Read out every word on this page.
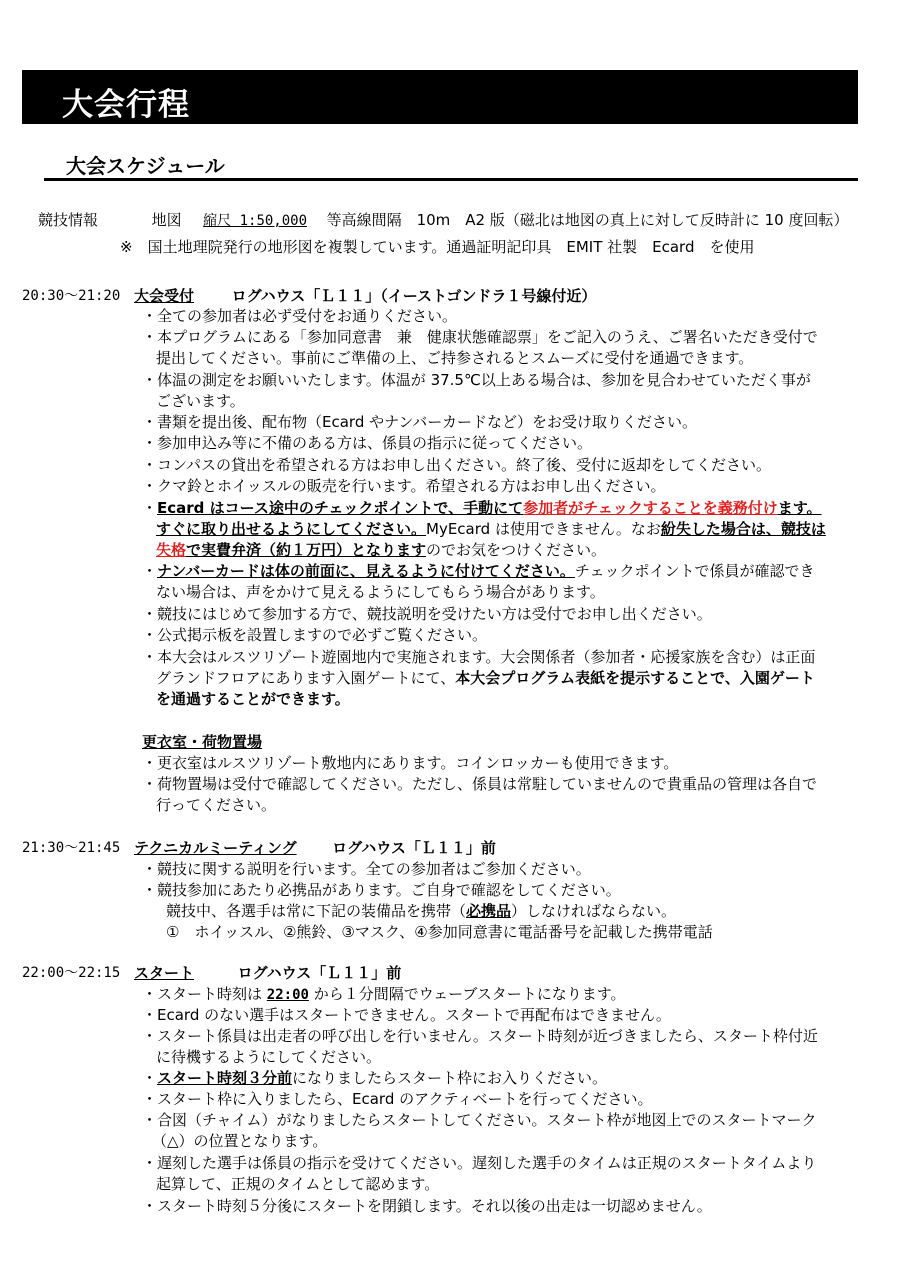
大会行程
大会スケジュール
競技情報	地図 縮尺 1:50,000 等高線間隔　10m　A2 版（磁北は地図の真上に対して反時計に 10 度回転）
※　国土地理院発行の地形図を複製しています。通過証明記印具　EMIT 社製　Ecard　を使用
20:30～21:20 大会受付	ログハウス「Ｌ１１」（イーストゴンドラ１号線付近）
・全ての参加者は必ず受付をお通りください。
・本プログラムにある「参加同意書　兼　健康状態確認票」をご記入のうえ、ご署名いただき受付で
提出してください。事前にご準備の上、ご持参されるとスムーズに受付を通過できます。
・体温の測定をお願いいたします。体温が 37.5℃以上ある場合は、参加を見合わせていただく事が
ございます。
・書類を提出後、配布物（Ecard やナンバーカードなど）をお受け取りください。
・参加申込み等に不備のある方は、係員の指示に従ってください。
・コンパスの貸出を希望される方はお申し出ください。終了後、受付に返却をしてください。
・クマ鈴とホイッスルの販売を行います。希望される方はお申し出ください。
・Ecard はコース途中のチェックポイントで、手動にて参加者がチェックすることを義務付けます。
すぐに取り出せるようにしてください。MyEcard は使用できません。なお紛失した場合は、競技は
失格で実費弁済（約１万円）となりますのでお気をつけください。
・ナンバーカードは体の前面に、見えるように付けてください。チェックポイントで係員が確認でき
ない場合は、声をかけて見えるようにしてもらう場合があります。
・競技にはじめて参加する方で、競技説明を受けたい方は受付でお申し出ください。
・公式掲示板を設置しますので必ずご覧ください。
・本大会はルスツリゾート遊園地内で実施されます。大会関係者（参加者・応援家族を含む）は正面
グランドフロアにあります入園ゲートにて、本大会プログラム表紙を提示することで、入園ゲート
を通過することができます。
更衣室・荷物置場
・更衣室はルスツリゾート敷地内にあります。コインロッカーも使用できます。
・荷物置場は受付で確認してください。ただし、係員は常駐していませんので貴重品の管理は各自で
行ってください。
21:30～21:45 テクニカルミーティング ログハウス「Ｌ１１」前
・競技に関する説明を行います。全ての参加者はご参加ください。
・競技参加にあたり必携品があります。ご自身で確認をしてください。
競技中、各選手は常に下記の装備品を携帯（必携品）しなければならない。
①　ホイッスル、②熊鈴、③マスク、④参加同意書に電話番号を記載した携帯電話
22:00～22:15 スタート	ログハウス「Ｌ１１」前
・スタート時刻は 22:00 から１分間隔でウェーブスタートになります。
・Ecard のない選手はスタートできません。スタートで再配布はできません。
・スタート係員は出走者の呼び出しを行いません。スタート時刻が近づきましたら、スタート枠付近
に待機するようにしてください。
・スタート時刻３分前になりましたらスタート枠にお入りください。
・スタート枠に入りましたら、Ecard のアクティベートを行ってください。
・合図（チャイム）がなりましたらスタートしてください。スタート枠が地図上でのスタートマーク
（△）の位置となります。
・遅刻した選手は係員の指示を受けてください。遅刻した選手のタイムは正規のスタートタイムより
起算して、正規のタイムとして認めます。
・スタート時刻５分後にスタートを閉鎖します。それ以後の出走は一切認めません。
